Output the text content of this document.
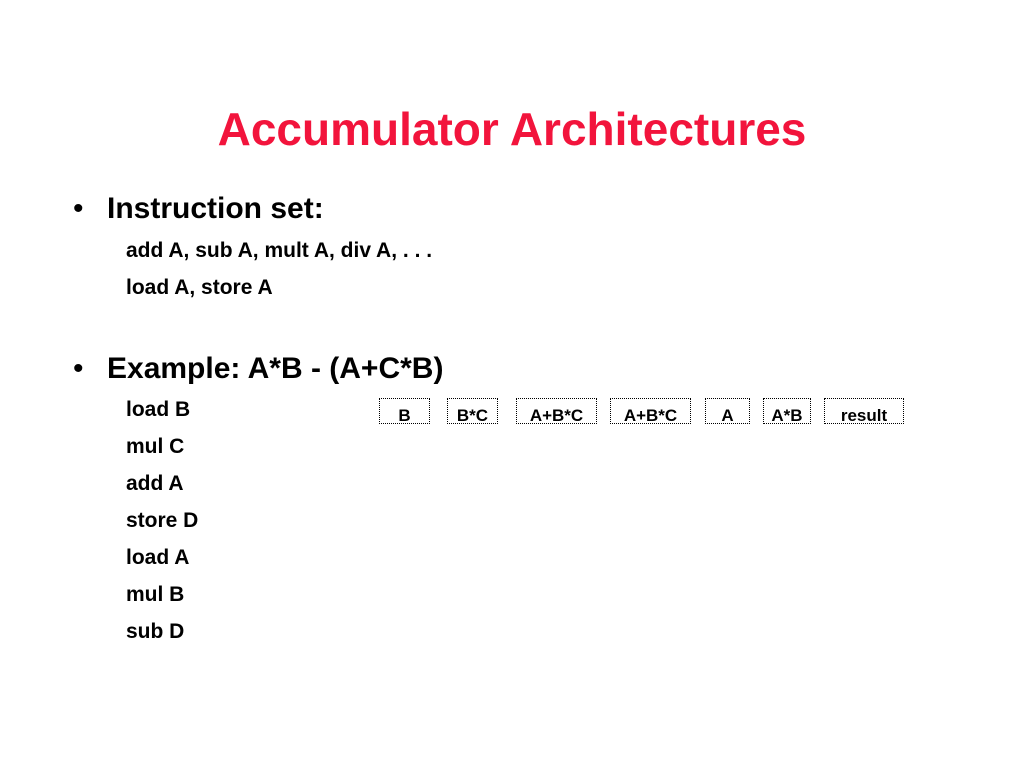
Accumulator Architectures
• Instruction set:
add A, sub A, mult A, div A, . . .
load A, store A
• Example: A*B - (A+C*B)
load B
mul C
add A
store D
load A
mul B
sub D
B	B*C	A+B*C	A+B*C	A	A*B	result
